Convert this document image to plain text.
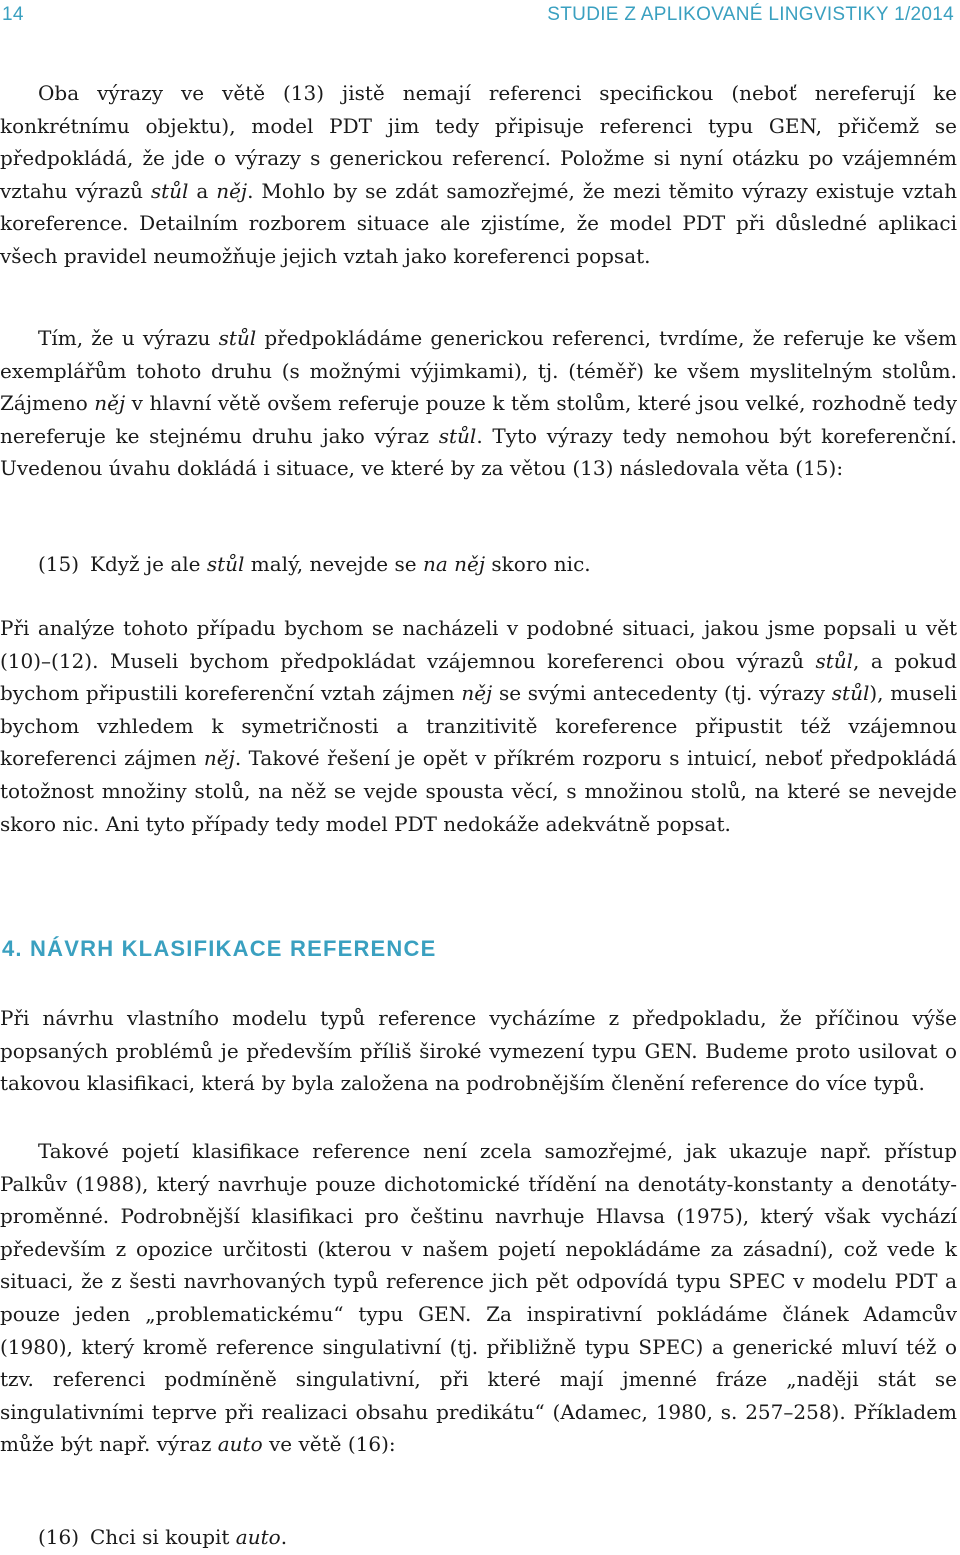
14	STUDIE Z APLIKOVANÉ LINGVISTIKY 1/2014

Oba výrazy ve větě (13) jistě nemají referenci specifickou (neboť nereferují ke konkrétnímu objektu), model PDT jim tedy připisuje referenci typu GEN, přičemž se předpokládá, že jde o výrazy s generickou referencí. Položme si nyní otázku po vzájemném vztahu výrazů stůl a něj. Mohlo by se zdát samozřejmé, že mezi těmito výrazy existuje vztah koreference. Detailním rozborem situace ale zjistíme, že model PDT při důsledné aplikaci všech pravidel neumožňuje jejich vztah jako koreferenci popsat.

Tím, že u výrazu stůl předpokládáme generickou referenci, tvrdíme, že referuje ke všem exemplářům tohoto druhu (s možnými výjimkami), tj. (téměř) ke všem myslitelným stolům. Zájmeno něj v hlavní větě ovšem referuje pouze k těm stolům, které jsou velké, rozhodně tedy nereferuje ke stejnému druhu jako výraz stůl. Tyto výrazy tedy nemohou být koreferenční. Uvedenou úvahu dokládá i situace, ve které by za větou (13) následovala věta (15):

(15) Když je ale stůl malý, nevejde se na něj skoro nic.

Při analýze tohoto případu bychom se nacházeli v podobné situaci, jakou jsme popsali u vět (10)–(12). Museli bychom předpokládat vzájemnou koreferenci obou výrazů stůl, a pokud bychom připustili koreferenční vztah zájmen něj se svými antecedenty (tj. výrazy stůl), museli bychom vzhledem k symetričnosti a tranzitivitě koreference připustit též vzájemnou koreferenci zájmen něj. Takové řešení je opět v příkrém rozporu s intuicí, neboť předpokládá totožnost množiny stolů, na něž se vejde spousta věcí, s množinou stolů, na které se nevejde skoro nic. Ani tyto případy tedy model PDT nedokáže adekvátně popsat.

4. NÁVRH KLASIFIKACE REFERENCE

Při návrhu vlastního modelu typů reference vycházíme z předpokladu, že příčinou výše popsaných problémů je především příliš široké vymezení typu GEN. Budeme proto usilovat o takovou klasifikaci, která by byla založena na podrobnějším členění reference do více typů.

Takové pojetí klasifikace reference není zcela samozřejmé, jak ukazuje např. přístup Palkův (1988), který navrhuje pouze dichotomické třídění na denotáty-konstanty a denotáty-proměnné. Podrobnější klasifikaci pro češtinu navrhuje Hlavsa (1975), který však vychází především z opozice určitosti (kterou v našem pojetí nepokládáme za zásadní), což vede k situaci, že z šesti navrhovaných typů reference jich pět odpovídá typu SPEC v modelu PDT a pouze jeden „problematickému“ typu GEN. Za inspirativní pokládáme článek Adamcův (1980), který kromě reference singulativní (tj. přibližně typu SPEC) a generické mluví též o tzv. referenci podmíněně singulativní, při které mají jmenné fráze „naději stát se singulativními teprve při realizaci obsahu predikátu“ (Adamec, 1980, s. 257–258). Příkladem může být např. výraz auto ve větě (16):

(16) Chci si koupit auto.
